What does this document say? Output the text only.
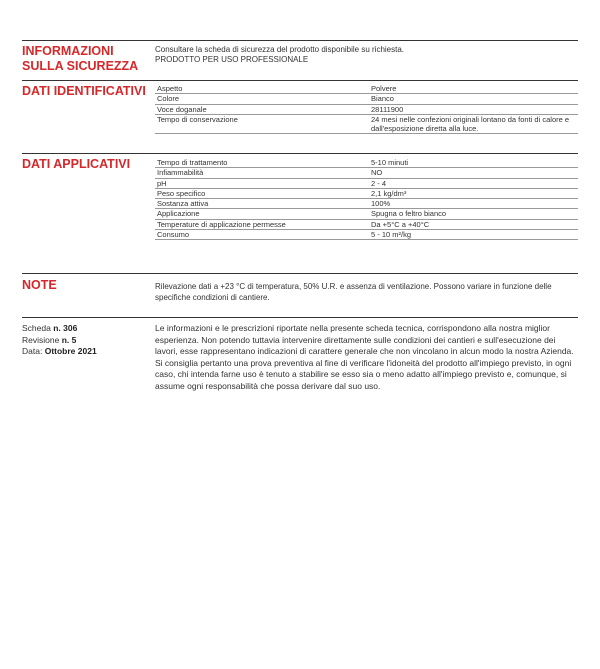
INFORMAZIONI SULLA SICUREZZA
Consultare la scheda di sicurezza del prodotto disponibile su richiesta.
PRODOTTO PER USO PROFESSIONALE
DATI IDENTIFICATIVI Aspetto	Polvere
Colore	Bianco
Voce doganale	28111900
Tempo di conservazione	24 mesi nelle confezioni originali lontano da fonti di calore e dall'esposizione diretta alla luce.
DATI APPLICATIVI	Tempo di trattamento	5-10 minuti
Infiammabilità	NO
pH	2 - 4
Peso specifico	2,1 kg/dm³
Sostanza attiva	100%
Applicazione	Spugna o feltro bianco
Temperature di applicazione permesse	Da +5°C a +40°C
Consumo	5 - 10 m²/kg
NOTE	Rilevazione dati a +23 °C di temperatura, 50% U.R. e assenza di ventilazione. Possono variare in funzione delle specifiche condizioni di cantiere.
Scheda n. 306
Revisione n. 5
Data: Ottobre 2021
Le informazioni e le prescrizioni riportate nella presente scheda tecnica, corrispondono alla nostra miglior esperienza. Non potendo tuttavia intervenire direttamente sulle condizioni dei cantieri e sull'esecuzione dei lavori, esse rappresentano indicazioni di carattere generale che non vincolano in alcun modo la nostra Azienda. Si consiglia pertanto una prova preventiva al fine di verificare l'idoneità del prodotto all'impiego previsto, in ogni caso, chi intenda farne uso è tenuto a stabilire se esso sia o meno adatto all'impiego previsto e, comunque, si assume ogni responsabilità che possa derivare dal suo uso.
